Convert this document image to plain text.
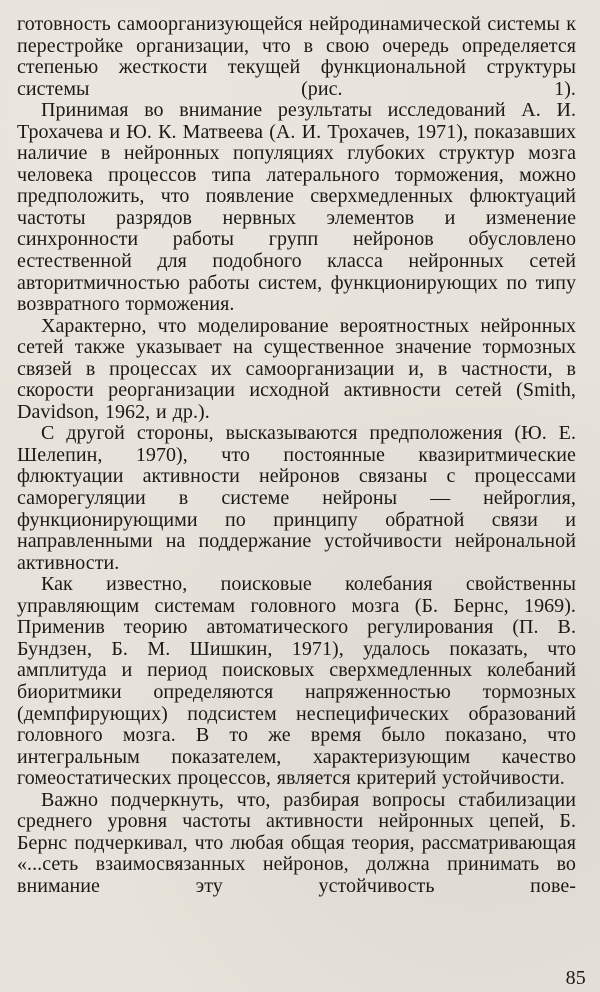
готовность самоорганизующейся нейродинамической системы к перестройке организации, что в свою очередь определяется степенью жесткости текущей функциональной структуры системы (рис. 1).

Принимая во внимание результаты исследований А. И. Трохачева и Ю. К. Матвеева (А. И. Трохачев, 1971), показавших наличие в нейронных популяциях глубоких структур мозга человека процессов типа латерального торможения, можно предположить, что появление сверхмедленных флюктуаций частоты разрядов нервных элементов и изменение синхронности работы групп нейронов обусловлено естественной для подобного класса нейронных сетей авторитмичностью работы систем, функционирующих по типу возвратного торможения.

Характерно, что моделирование вероятностных нейронных сетей также указывает на существенное значение тормозных связей в процессах их самоорганизации и, в частности, в скорости реорганизации исходной активности сетей (Smith, Davidson, 1962, и др.).

С другой стороны, высказываются предположения (Ю. Е. Шелепин, 1970), что постоянные квазиритмические флюктуации активности нейронов связаны с процессами саморегуляции в системе нейроны — нейроглия, функционирующими по принципу обратной связи и направленными на поддержание устойчивости нейрональной активности.

Как известно, поисковые колебания свойственны управляющим системам головного мозга (Б. Бернс, 1969). Применив теорию автоматического регулирования (П. В. Бундзен, Б. М. Шишкин, 1971), удалось показать, что амплитуда и период поисковых сверхмедленных колебаний биоритмики определяются напряженностью тормозных (демпфирующих) подсистем неспецифических образований головного мозга. В то же время было показано, что интегральным показателем, характеризующим качество гомеостатических процессов, является критерий устойчивости.

Важно подчеркнуть, что, разбирая вопросы стабилизации среднего уровня частоты активности нейронных цепей, Б. Бернс подчеркивал, что любая общая теория, рассматривающая «...сеть взаимосвязанных нейронов, должна принимать во внимание эту устойчивость пове-

85
